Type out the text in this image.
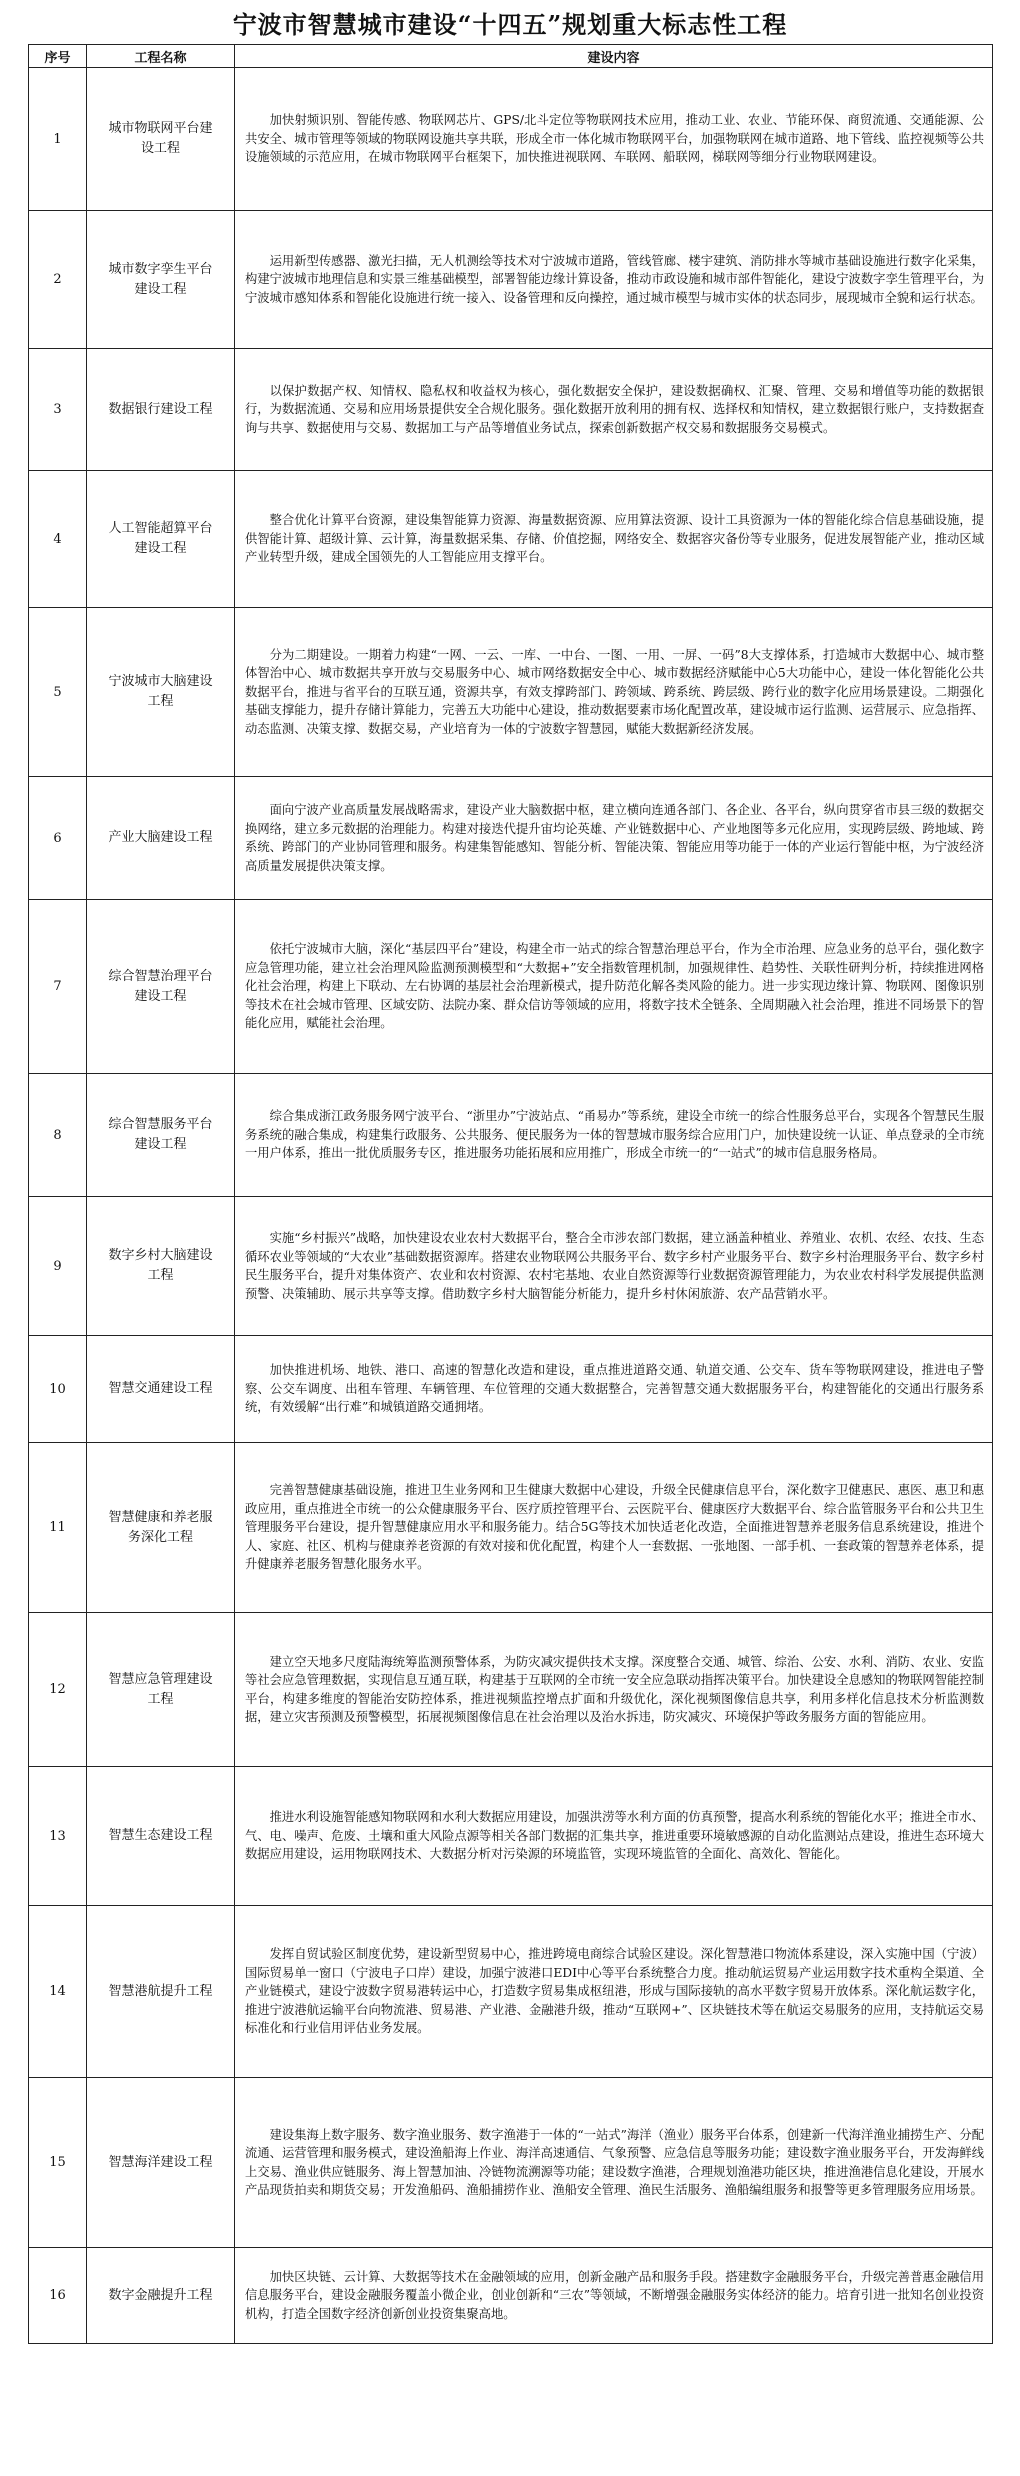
宁波市智慧城市建设“十四五”规划重大标志性工程
序号	工程名称	建设内容
1	城市物联网平台建设工程	加快射频识别、智能传感、物联网芯片、GPS/北斗定位等物联网技术应用，推动工业、农业、节能环保、商贸流通、交通能源、公共安全、城市管理等领域的物联网设施共享共联，形成全市一体化城市物联网平台，加强物联网在城市道路、地下管线、监控视频等公共设施领域的示范应用，在城市物联网平台框架下，加快推进视联网、车联网、船联网，梯联网等细分行业物联网建设。
2	城市数字孪生平台建设工程	运用新型传感器、激光扫描，无人机测绘等技术对宁波城市道路，管线管廊、楼宇建筑、消防排水等城市基础设施进行数字化采集，构建宁波城市地理信息和实景三维基础模型，部署智能边缘计算设备，推动市政设施和城市部件智能化，建设宁波数字孪生管理平台，为宁波城市感知体系和智能化设施进行统一接入、设备管理和反向操控，通过城市模型与城市实体的状态同步，展现城市全貌和运行状态。
3	数据银行建设工程	以保护数据产权、知情权、隐私权和收益权为核心，强化数据安全保护，建设数据确权、汇聚、管理、交易和增值等功能的数据银行，为数据流通、交易和应用场景提供安全合规化服务。强化数据开放利用的拥有权、选择权和知情权，建立数据银行账户，支持数据查询与共享、数据使用与交易、数据加工与产品等增值业务试点，探索创新数据产权交易和数据服务交易模式。
4	人工智能超算平台建设工程	整合优化计算平台资源，建设集智能算力资源、海量数据资源、应用算法资源、设计工具资源为一体的智能化综合信息基础设施，提供智能计算、超级计算、云计算，海量数据采集、存储、价值挖掘，网络安全、数据容灾备份等专业服务，促进发展智能产业，推动区域产业转型升级，建成全国领先的人工智能应用支撑平台。
5	宁波城市大脑建设工程	分为二期建设。一期着力构建“一网、一云、一库、一中台、一图、一用、一屏、一码”8大支撑体系，打造城市大数据中心、城市整体智治中心、城市数据共享开放与交易服务中心、城市网络数据安全中心、城市数据经济赋能中心5大功能中心，建设一体化智能化公共数据平台，推进与省平台的互联互通，资源共享，有效支撑跨部门、跨领域、跨系统、跨层级、跨行业的数字化应用场景建设。二期强化基础支撑能力，提升存储计算能力，完善五大功能中心建设，推动数据要素市场化配置改革，建设城市运行监测、运营展示、应急指挥、动态监测、决策支撑、数据交易，产业培育为一体的宁波数字智慧园，赋能大数据新经济发展。
6	产业大脑建设工程	面向宁波产业高质量发展战略需求，建设产业大脑数据中枢，建立横向连通各部门、各企业、各平台，纵向贯穿省市县三级的数据交换网络，建立多元数据的治理能力。构建对接迭代提升宙均论英雄、产业链数据中心、产业地图等多元化应用，实现跨层级、跨地域、跨系统、跨部门的产业协同管理和服务。构建集智能感知、智能分析、智能决策、智能应用等功能于一体的产业运行智能中枢，为宁波经济高质量发展提供决策支撑。
7	综合智慧治理平台建设工程	依托宁波城市大脑，深化“基层四平台”建设，构建全市一站式的综合智慧治理总平台，作为全市治理、应急业务的总平台，强化数字应急管理功能，建立社会治理风险监测预测模型和“大数据+”安全指数管理机制，加强规律性、趋势性、关联性研判分析，持续推进网格化社会治理，构建上下联动、左右协调的基层社会治理新模式，提升防范化解各类风险的能力。进一步实现边缘计算、物联网、图像识别等技术在社会城市管理、区域安防、法院办案、群众信访等领域的应用，将数字技术全链条、全周期融入社会治理，推进不同场景下的智能化应用，赋能社会治理。
8	综合智慧服务平台建设工程	综合集成浙江政务服务网宁波平台、“浙里办”宁波站点、“甬易办”等系统，建设全市统一的综合性服务总平台，实现各个智慧民生服务系统的融合集成，构建集行政服务、公共服务、便民服务为一体的智慧城市服务综合应用门户，加快建设统一认证、单点登录的全市统一用户体系，推出一批优质服务专区，推进服务功能拓展和应用推广，形成全市统一的“一站式”的城市信息服务格局。
9	数字乡村大脑建设工程	实施“乡村振兴”战略，加快建设农业农村大数据平台，整合全市涉农部门数据，建立涵盖种植业、养殖业、农机、农经、农技、生态循环农业等领域的“大农业”基础数据资源库。搭建农业物联网公共服务平台、数字乡村产业服务平台、数字乡村治理服务平台、数字乡村民生服务平台，提升对集体资产、农业和农村资源、农村宅基地、农业自然资源等行业数据资源管理能力，为农业农村科学发展提供监测预警、决策辅助、展示共享等支撑。借助数字乡村大脑智能分析能力，提升乡村休闲旅游、农产品营销水平。
10	智慧交通建设工程	加快推进机场、地铁、港口、高速的智慧化改造和建设，重点推进道路交通、轨道交通、公交车、货车等物联网建设，推进电子警察、公交车调度、出租车管理、车辆管理、车位管理的交通大数据整合，完善智慧交通大数据服务平台，构建智能化的交通出行服务系统，有效缓解“出行难”和城镇道路交通拥堵。
11	智慧健康和养老服务深化工程	完善智慧健康基础设施，推进卫生业务网和卫生健康大数据中心建设，升级全民健康信息平台，深化数字卫健惠民、惠医、惠卫和惠政应用，重点推进全市统一的公众健康服务平台、医疗质控管理平台、云医院平台、健康医疗大数据平台、综合监管服务平台和公共卫生管理服务平台建设，提升智慧健康应用水平和服务能力。结合5G等技术加快适老化改造，全面推进智慧养老服务信息系统建设，推进个人、家庭、社区、机构与健康养老资源的有效对接和优化配置，构建个人一套数据、一张地图、一部手机、一套政策的智慧养老体系，提升健康养老服务智慧化服务水平。
12	智慧应急管理建设工程	建立空天地多尺度陆海统筹监测预警体系，为防灾减灾提供技术支撑。深度整合交通、城管、综治、公安、水利、消防、农业、安监等社会应急管理数据，实现信息互通互联，构建基于互联网的全市统一安全应急联动指挥决策平台。加快建设全息感知的物联网智能控制平台，构建多维度的智能治安防控体系，推进视频监控增点扩面和升级优化，深化视频图像信息共享，利用多样化信息技术分析监测数据，建立灾害预测及预警模型，拓展视频图像信息在社会治理以及治水拆违，防灾减灾、环境保护等政务服务方面的智能应用。
13	智慧生态建设工程	推进水利设施智能感知物联网和水利大数据应用建设，加强洪涝等水利方面的仿真预警，提高水利系统的智能化水平；推进全市水、气、电、噪声、危废、土壤和重大风险点源等相关各部门数据的汇集共享，推进重要环境敏感源的自动化监测站点建设，推进生态环境大数据应用建设，运用物联网技术、大数据分析对污染源的环境监管，实现环境监管的全面化、高效化、智能化。
14	智慧港航提升工程	发挥自贸试验区制度优势，建设新型贸易中心，推进跨境电商综合试验区建设。深化智慧港口物流体系建设，深入实施中国（宁波）国际贸易单一窗口（宁波电子口岸）建设，加强宁波港口EDI中心等平台系统整合力度。推动航运贸易产业运用数字技术重构全渠道、全产业链模式，建设宁波数字贸易港转运中心，打造数字贸易集成枢纽港，形成与国际接轨的高水平数字贸易开放体系。深化航运数字化，推进宁波港航运输平台向物流港、贸易港、产业港、金融港升级，推动“互联网+”、区块链技术等在航运交易服务的应用，支持航运交易标准化和行业信用评估业务发展。
15	智慧海洋建设工程	建设集海上数字服务、数字渔业服务、数字渔港于一体的“一站式”海洋（渔业）服务平台体系，创建新一代海洋渔业捕捞生产、分配流通、运营管理和服务模式，建设渔船海上作业、海洋高速通信、气象预警、应急信息等服务功能；建设数字渔业服务平台，开发海鲜线上交易、渔业供应链服务、海上智慧加油、冷链物流溯源等功能；建设数字渔港，合理规划渔港功能区块，推进渔港信息化建设，开展水产品现货拍卖和期货交易；开发渔船码、渔船捕捞作业、渔船安全管理、渔民生活服务、渔船编组服务和报警等更多管理服务应用场景。
16	数字金融提升工程	加快区块链、云计算、大数据等技术在金融领域的应用，创新金融产品和服务手段。搭建数字金融服务平台，升级完善普惠金融信用信息服务平台，建设金融服务覆盖小微企业，创业创新和“三农”等领域，不断增强金融服务实体经济的能力。培育引进一批知名创业投资机构，打造全国数字经济创新创业投资集聚高地。
